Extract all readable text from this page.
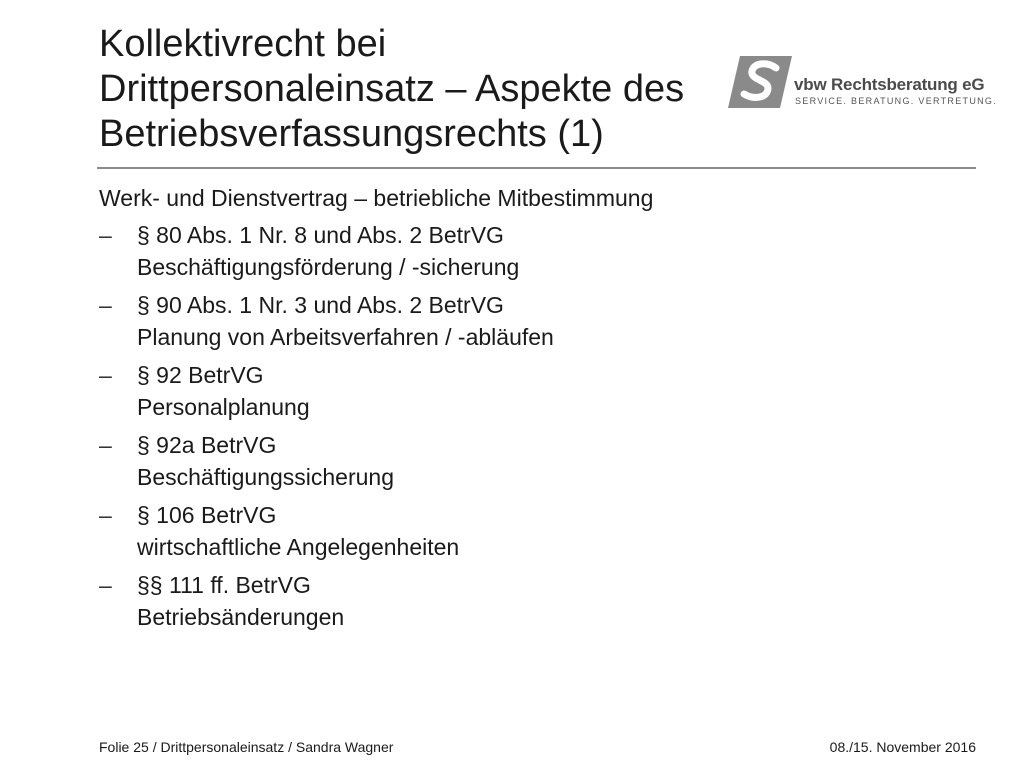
Kollektivrecht bei
Drittpersonaleinsatz – Aspekte des
Betriebsverfassungsrechts (1)
vbw Rechtsberatung eG
SERVICE. BERATUNG. VERTRETUNG.
Werk- und Dienstvertrag – betriebliche Mitbestimmung
–	§ 80 Abs. 1 Nr. 8 und Abs. 2 BetrVG
Beschäftigungsförderung / -sicherung
–	§ 90 Abs. 1 Nr. 3 und Abs. 2 BetrVG
Planung von Arbeitsverfahren / -abläufen
–	§ 92 BetrVG
Personalplanung
–	§ 92a BetrVG
Beschäftigungssicherung
–	§ 106 BetrVG
wirtschaftliche Angelegenheiten
–	§§ 111 ff. BetrVG
Betriebsänderungen
Folie 25 / Drittpersonaleinsatz / Sandra Wagner	08./15. November 2016
